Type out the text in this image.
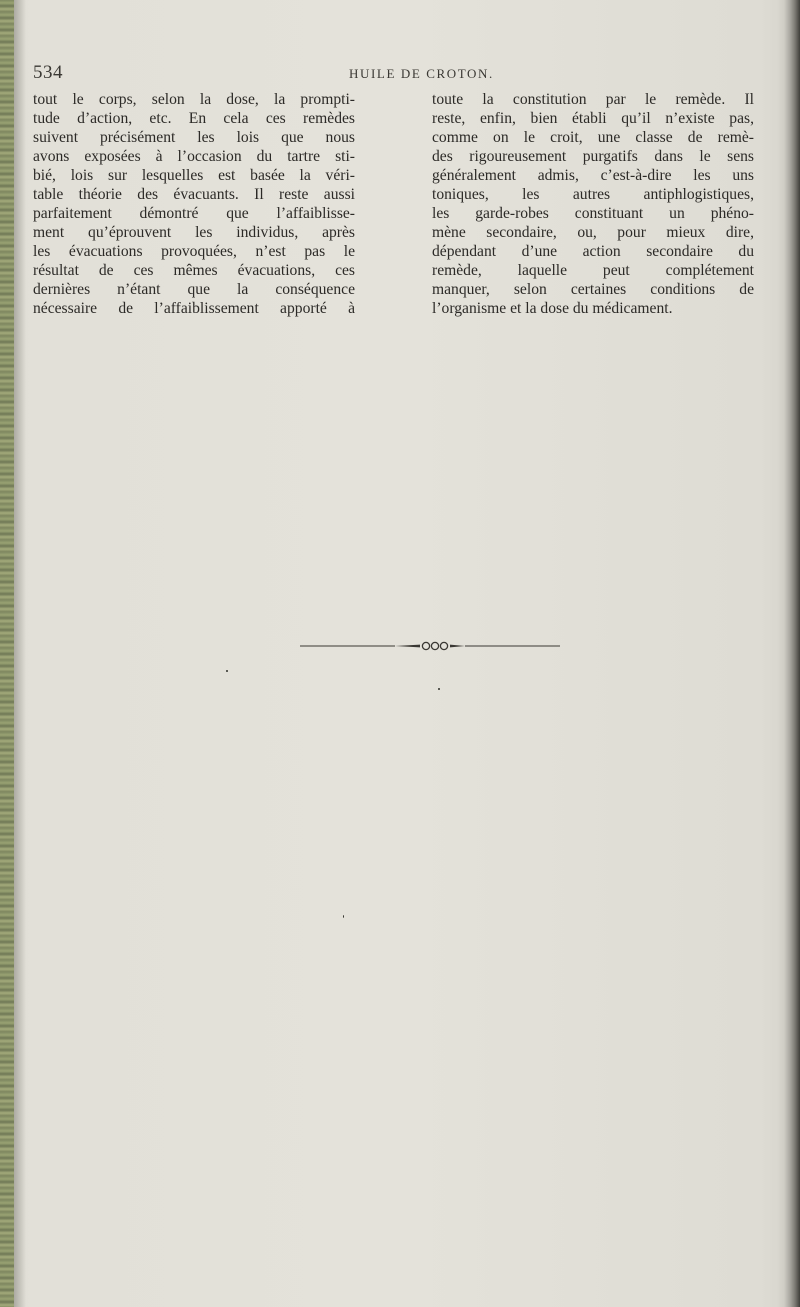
534	HUILE DE CROTON.
tout le corps, selon la dose, la prompti-
tude d’action, etc. En cela ces remèdes
suivent précisément les lois que nous
avons exposées à l’occasion du tartre sti-
bié, lois sur lesquelles est basée la véri-
table théorie des évacuants. Il reste aussi
parfaitement démontré que l’affaiblisse-
ment qu’éprouvent les individus, après
les évacuations provoquées, n’est pas le
résultat de ces mêmes évacuations, ces
dernières n’étant que la conséquence
nécessaire de l’affaiblissement apporté à
toute la constitution par le remède. Il
reste, enfin, bien établi qu’il n’existe pas,
comme on le croit, une classe de remè-
des rigoureusement purgatifs dans le sens
généralement admis, c’est-à-dire les uns
toniques, les autres antiphlogistiques,
les garde-robes constituant un phéno-
mène secondaire, ou, pour mieux dire,
dépendant d’une action secondaire du
remède, laquelle peut complétement
manquer, selon certaines conditions de
l’organisme et la dose du médicament.
